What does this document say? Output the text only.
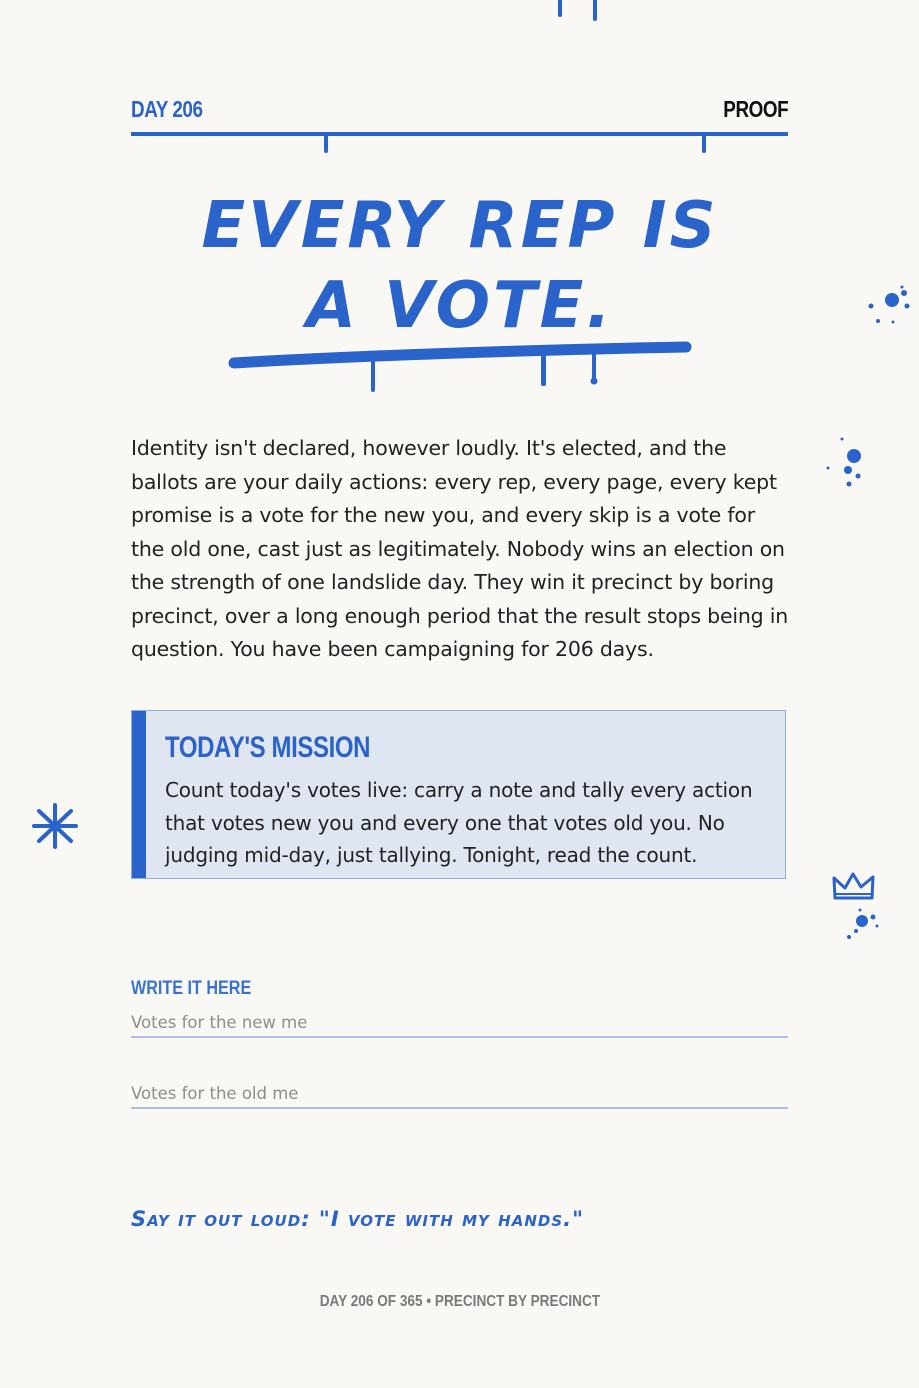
DAY 206	PROOF
EVERY REP IS
A VOTE.
Identity isn't declared, however loudly. It's elected, and the ballots are your daily actions: every rep, every page, every kept promise is a vote for the new you, and every skip is a vote for the old one, cast just as legitimately. Nobody wins an election on the strength of one landslide day. They win it precinct by boring precinct, over a long enough period that the result stops being in question. You have been campaigning for 206 days.
TODAY'S MISSION
Count today's votes live: carry a note and tally every action that votes new you and every one that votes old you. No judging mid-day, just tallying. Tonight, read the count.
WRITE IT HERE
Votes for the new me
Votes for the old me
Say it out loud: "I vote with my hands."
DAY 206 OF 365 • PRECINCT BY PRECINCT
